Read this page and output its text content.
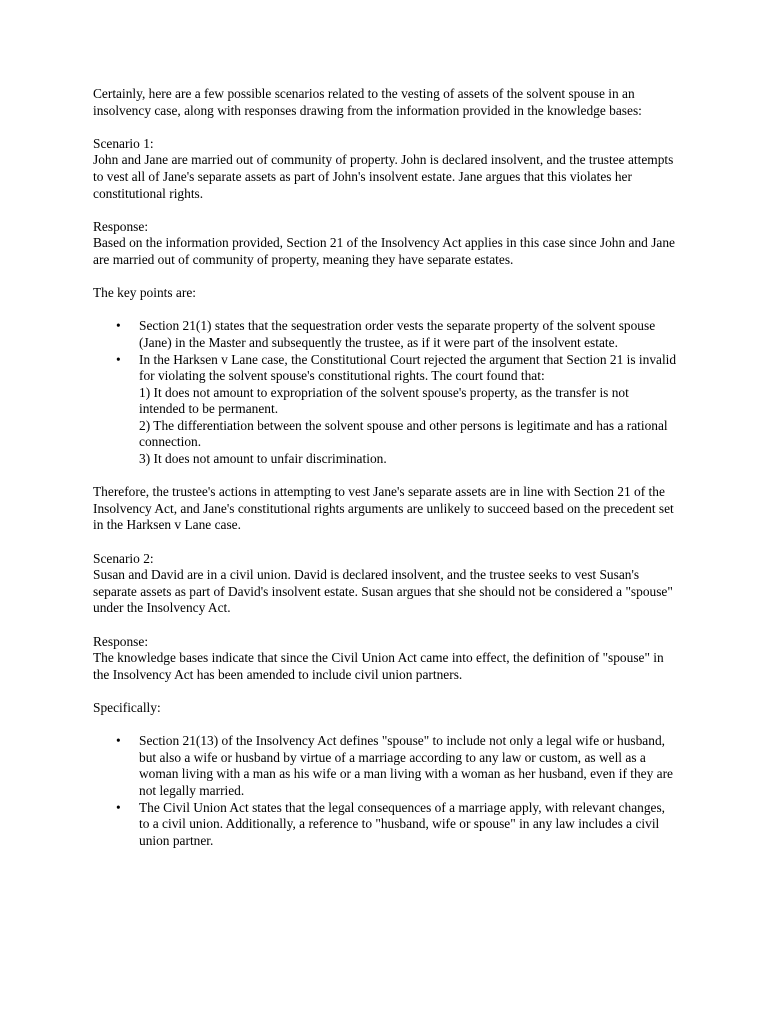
Certainly, here are a few possible scenarios related to the vesting of assets of the solvent spouse in an insolvency case, along with responses drawing from the information provided in the knowledge bases:

Scenario 1:
John and Jane are married out of community of property. John is declared insolvent, and the trustee attempts to vest all of Jane's separate assets as part of John's insolvent estate. Jane argues that this violates her constitutional rights.

Response:
Based on the information provided, Section 21 of the Insolvency Act applies in this case since John and Jane are married out of community of property, meaning they have separate estates.

The key points are:

• Section 21(1) states that the sequestration order vests the separate property of the solvent spouse (Jane) in the Master and subsequently the trustee, as if it were part of the insolvent estate.
• In the Harksen v Lane case, the Constitutional Court rejected the argument that Section 21 is invalid for violating the solvent spouse's constitutional rights. The court found that:
1) It does not amount to expropriation of the solvent spouse's property, as the transfer is not intended to be permanent.
2) The differentiation between the solvent spouse and other persons is legitimate and has a rational connection.
3) It does not amount to unfair discrimination.

Therefore, the trustee's actions in attempting to vest Jane's separate assets are in line with Section 21 of the Insolvency Act, and Jane's constitutional rights arguments are unlikely to succeed based on the precedent set in the Harksen v Lane case.

Scenario 2:
Susan and David are in a civil union. David is declared insolvent, and the trustee seeks to vest Susan's separate assets as part of David's insolvent estate. Susan argues that she should not be considered a "spouse" under the Insolvency Act.

Response:
The knowledge bases indicate that since the Civil Union Act came into effect, the definition of "spouse" in the Insolvency Act has been amended to include civil union partners.

Specifically:

• Section 21(13) of the Insolvency Act defines "spouse" to include not only a legal wife or husband, but also a wife or husband by virtue of a marriage according to any law or custom, as well as a woman living with a man as his wife or a man living with a woman as her husband, even if they are not legally married.
• The Civil Union Act states that the legal consequences of a marriage apply, with relevant changes, to a civil union. Additionally, a reference to "husband, wife or spouse" in any law includes a civil union partner.
